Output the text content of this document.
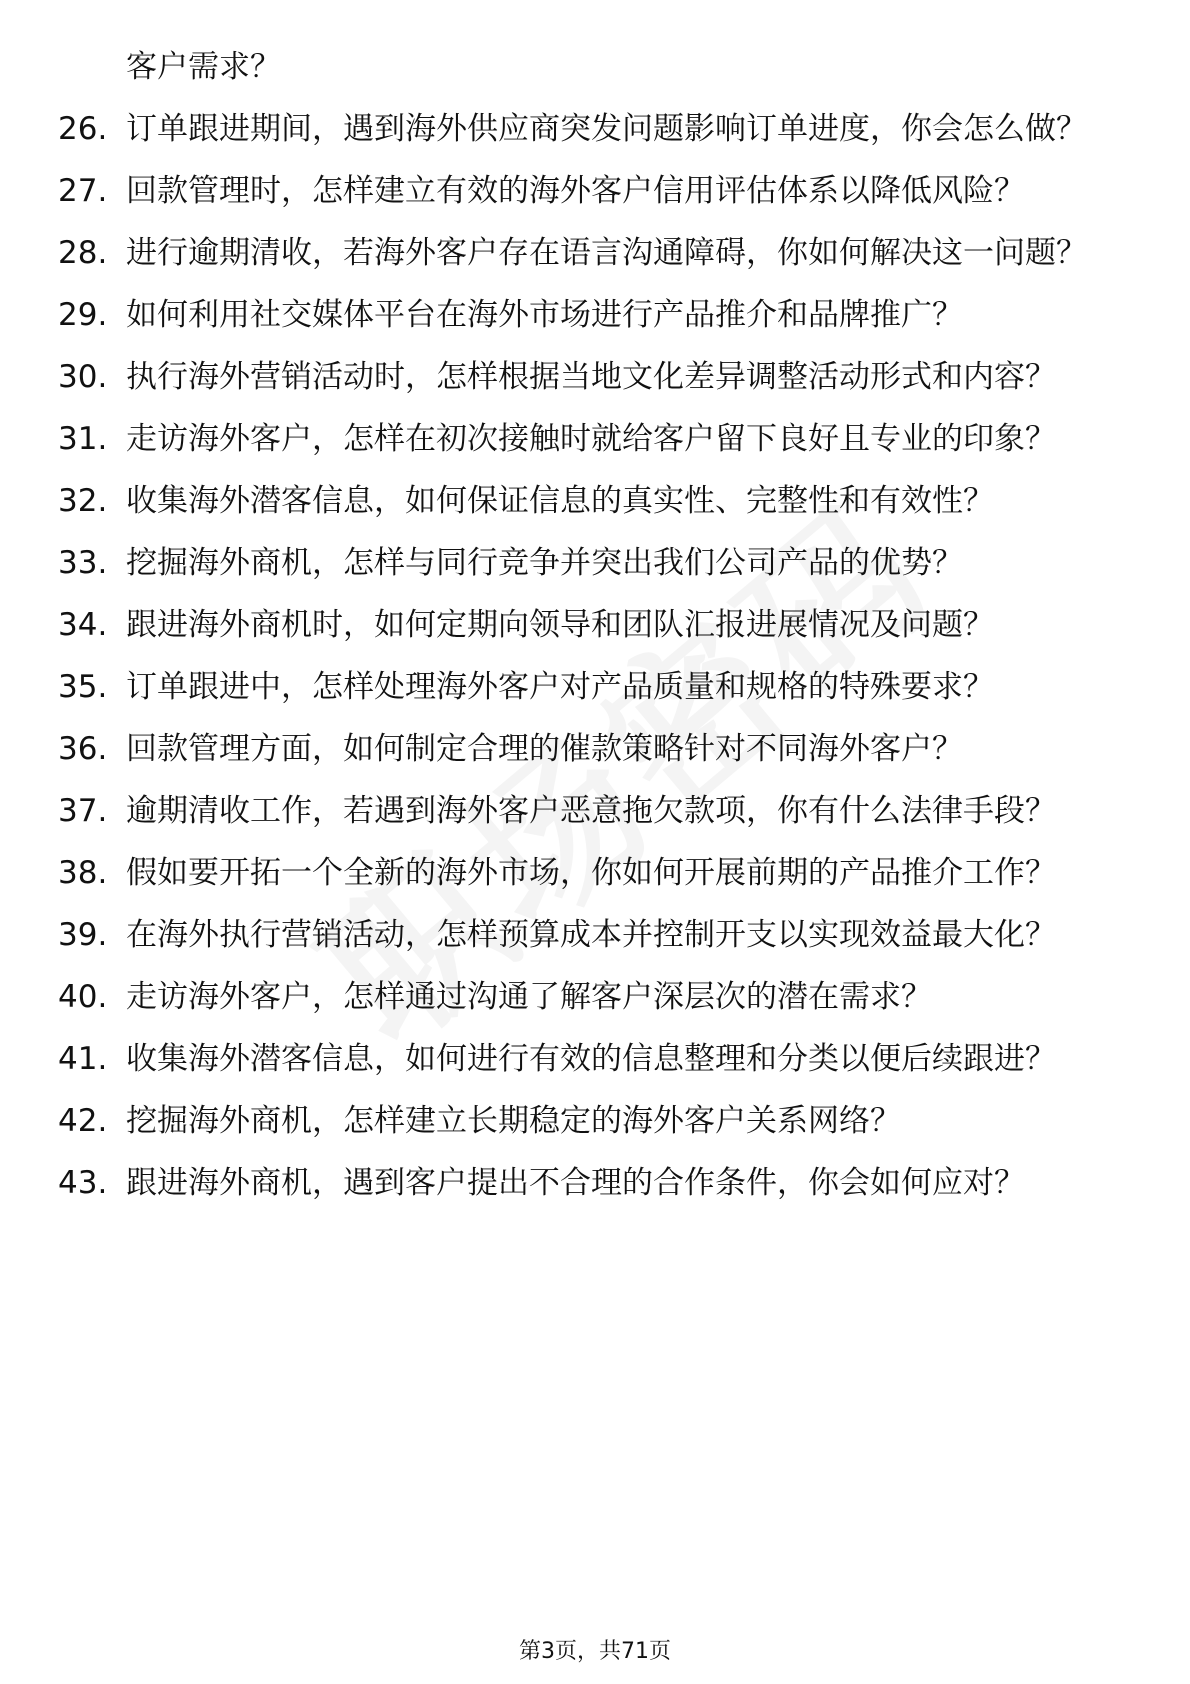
客户需求？
26. 订单跟进期间，遇到海外供应商突发问题影响订单进度，你会怎么做？
27. 回款管理时，怎样建立有效的海外客户信用评估体系以降低风险？
28. 进行逾期清收，若海外客户存在语言沟通障碍，你如何解决这一问题？
29. 如何利用社交媒体平台在海外市场进行产品推介和品牌推广？
30. 执行海外营销活动时，怎样根据当地文化差异调整活动形式和内容？
31. 走访海外客户，怎样在初次接触时就给客户留下良好且专业的印象？
32. 收集海外潜客信息，如何保证信息的真实性、完整性和有效性？
33. 挖掘海外商机，怎样与同行竞争并突出我们公司产品的优势？
34. 跟进海外商机时，如何定期向领导和团队汇报进展情况及问题？
35. 订单跟进中，怎样处理海外客户对产品质量和规格的特殊要求？
36. 回款管理方面，如何制定合理的催款策略针对不同海外客户？
37. 逾期清收工作，若遇到海外客户恶意拖欠款项，你有什么法律手段？
38. 假如要开拓一个全新的海外市场，你如何开展前期的产品推介工作？
39. 在海外执行营销活动，怎样预算成本并控制开支以实现效益最大化？
40. 走访海外客户，怎样通过沟通了解客户深层次的潜在需求？
41. 收集海外潜客信息，如何进行有效的信息整理和分类以便后续跟进？
42. 挖掘海外商机，怎样建立长期稳定的海外客户关系网络？
43. 跟进海外商机，遇到客户提出不合理的合作条件，你会如何应对？
第3页，共71页
